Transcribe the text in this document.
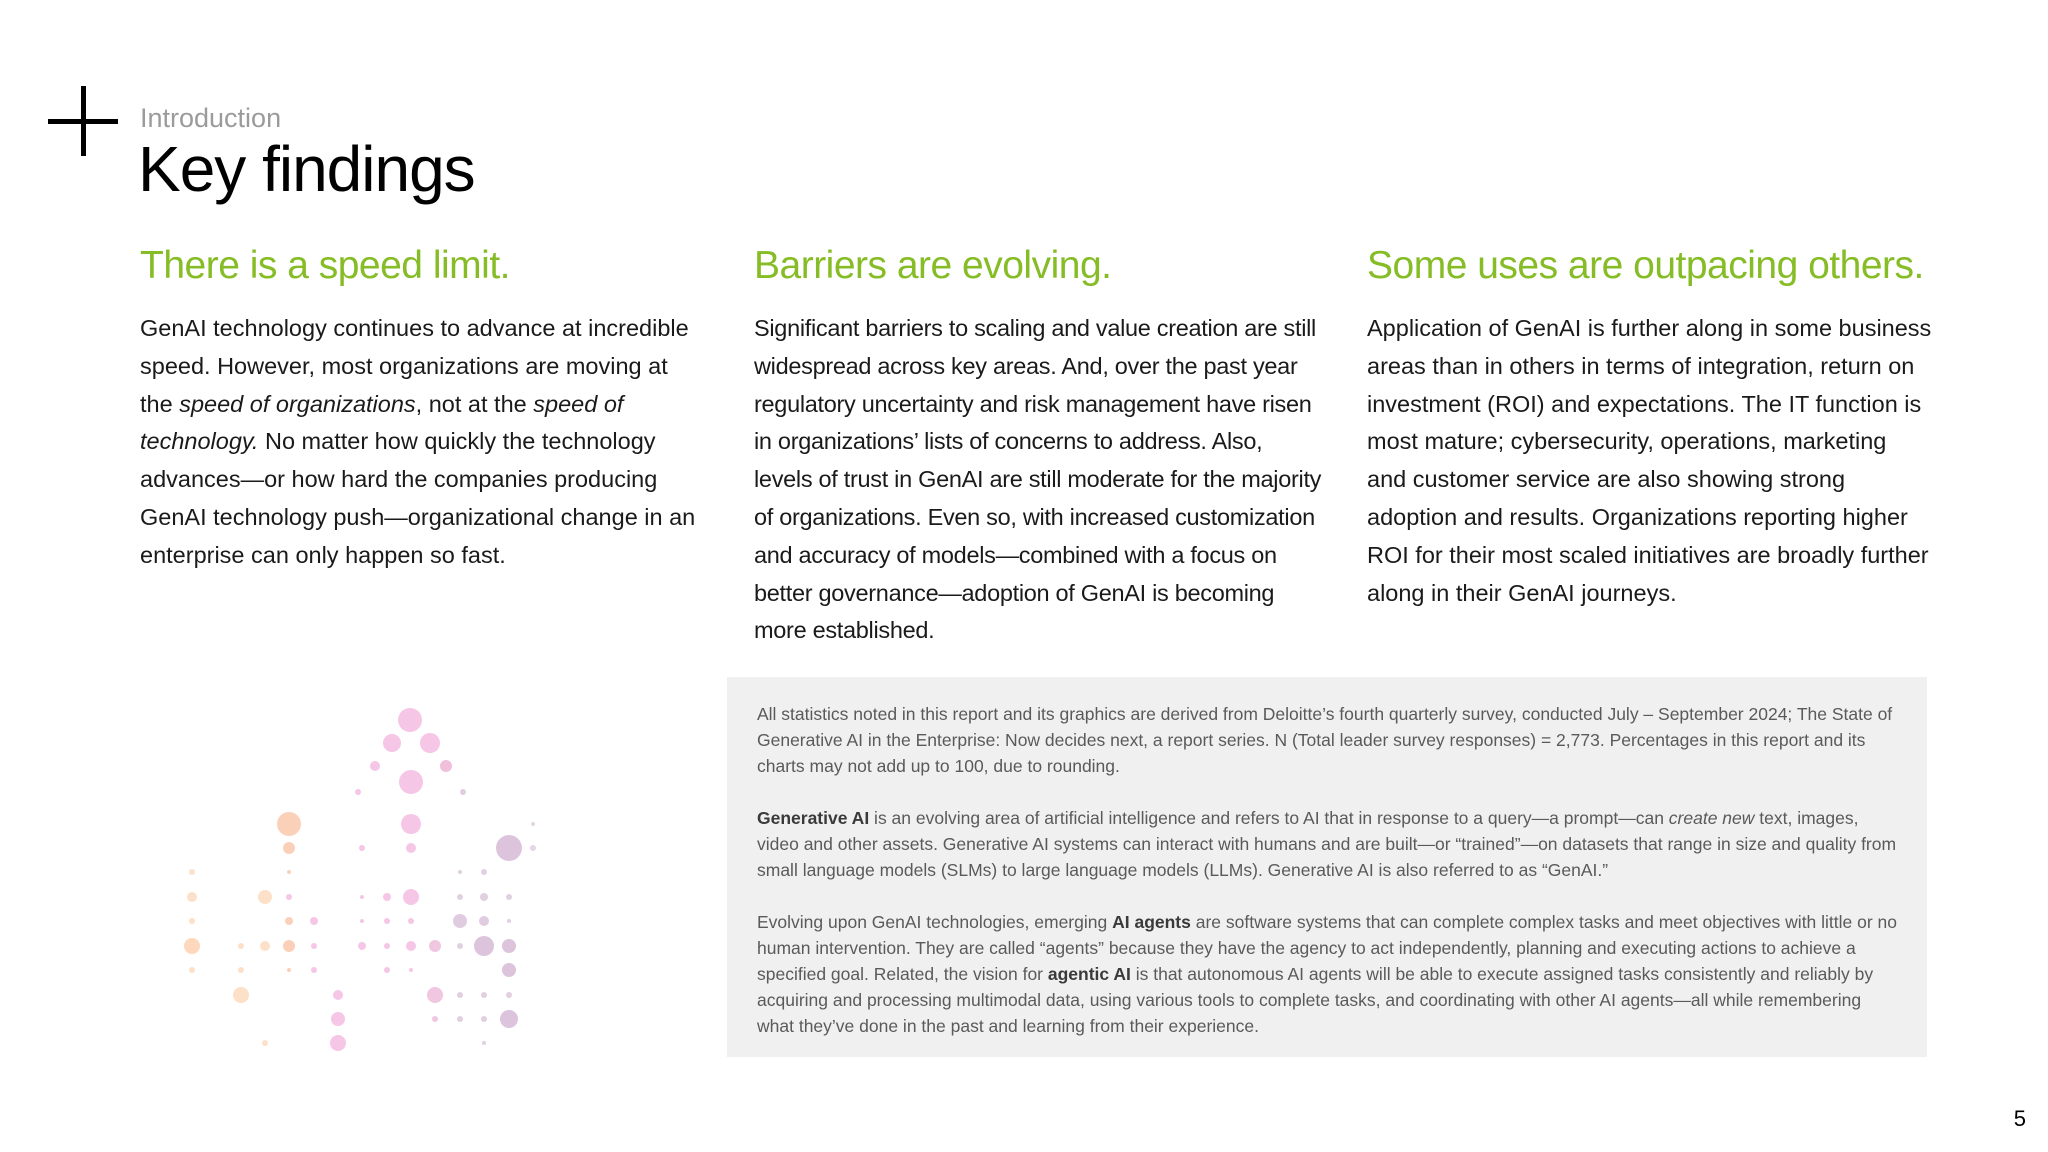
Introduction
Key findings
There is a speed limit.

GenAI technology continues to advance at incredible speed. However, most organizations are moving at the speed of organizations, not at the speed of technology. No matter how quickly the technology advances—or how hard the companies producing GenAI technology push—organizational change in an enterprise can only happen so fast.

Barriers are evolving.

Significant barriers to scaling and value creation are still widespread across key areas. And, over the past year regulatory uncertainty and risk management have risen in organizations’ lists of concerns to address. Also, levels of trust in GenAI are still moderate for the majority of organizations. Even so, with increased customization and accuracy of models—combined with a focus on better governance—adoption of GenAI is becoming more established.

Some uses are outpacing others.

Application of GenAI is further along in some business areas than in others in terms of integration, return on investment (ROI) and expectations. The IT function is most mature; cybersecurity, operations, marketing and customer service are also showing strong adoption and results. Organizations reporting higher ROI for their most scaled initiatives are broadly further along in their GenAI journeys.

All statistics noted in this report and its graphics are derived from Deloitte’s fourth quarterly survey, conducted July – September 2024; The State of Generative AI in the Enterprise: Now decides next, a report series. N (Total leader survey responses) = 2,773. Percentages in this report and its charts may not add up to 100, due to rounding.

Generative AI is an evolving area of artificial intelligence and refers to AI that in response to a query—a prompt—can create new text, images, video and other assets. Generative AI systems can interact with humans and are built—or “trained”—on datasets that range in size and quality from small language models (SLMs) to large language models (LLMs). Generative AI is also referred to as “GenAI.”

Evolving upon GenAI technologies, emerging AI agents are software systems that can complete complex tasks and meet objectives with little or no human intervention. They are called “agents” because they have the agency to act independently, planning and executing actions to achieve a specified goal. Related, the vision for agentic AI is that autonomous AI agents will be able to execute assigned tasks consistently and reliably by acquiring and processing multimodal data, using various tools to complete tasks, and coordinating with other AI agents—all while remembering what they’ve done in the past and learning from their experience.

5
